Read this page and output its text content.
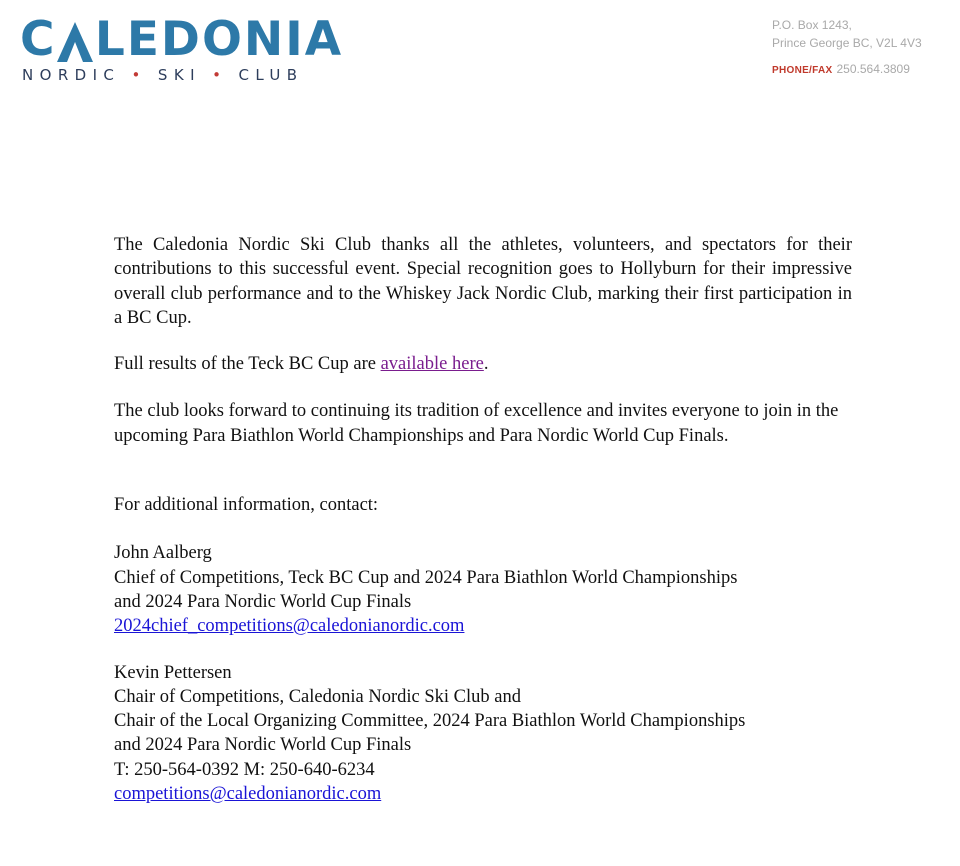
C LEDONIA
NORDIC • SKI • CLUB
P.O. Box 1243,
Prince George BC, V2L 4V3
PHONE/FAX 250.564.3809

The Caledonia Nordic Ski Club thanks all the athletes, volunteers, and spectators for their contributions to this successful event. Special recognition goes to Hollyburn for their impressive overall club performance and to the Whiskey Jack Nordic Club, marking their first participation in a BC Cup.

Full results of the Teck BC Cup are available here.

The club looks forward to continuing its tradition of excellence and invites everyone to join in the upcoming Para Biathlon World Championships and Para Nordic World Cup Finals.

For additional information, contact:

John Aalberg
Chief of Competitions, Teck BC Cup and 2024 Para Biathlon World Championships
and 2024 Para Nordic World Cup Finals
2024chief_competitions@caledonianordic.com
Kevin Pettersen
Chair of Competitions, Caledonia Nordic Ski Club and
Chair of the Local Organizing Committee, 2024 Para Biathlon World Championships
and 2024 Para Nordic World Cup Finals
T: 250-564-0392 M: 250-640-6234
competitions@caledonianordic.com
